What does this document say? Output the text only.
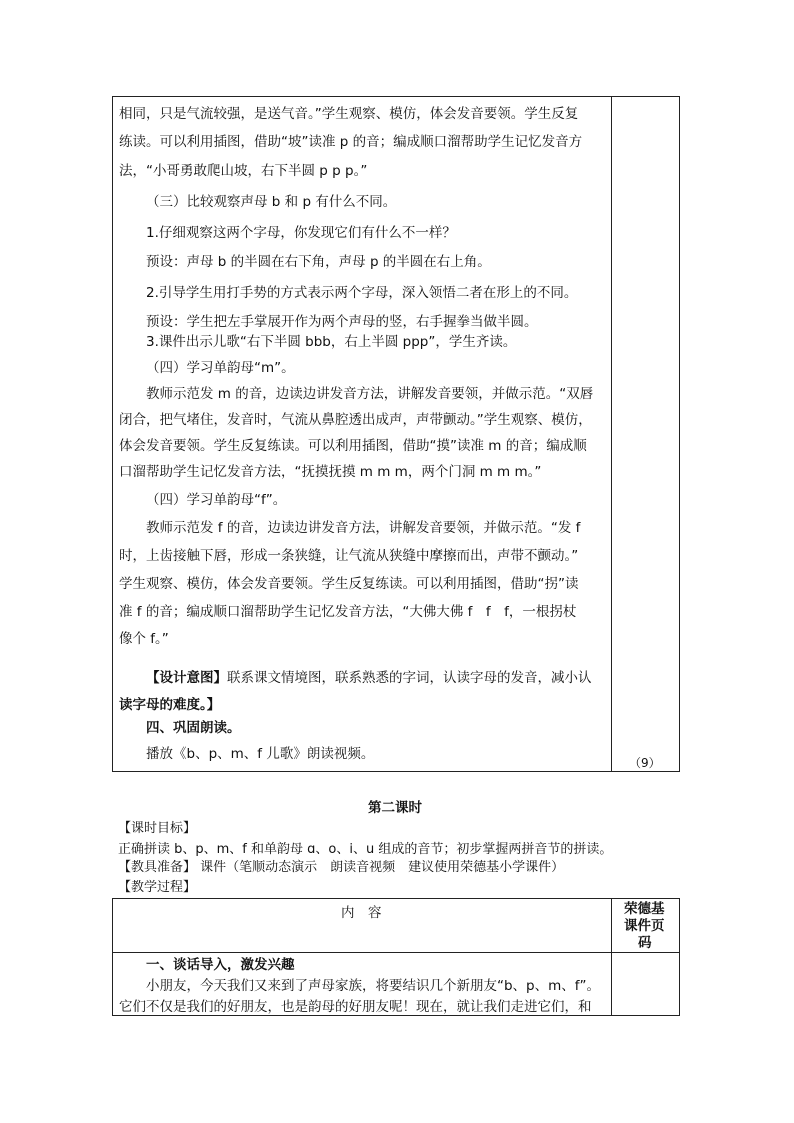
（9）
相同，只是气流较强，是送气音。”学生观察、模仿，体会发音要领。学生反复
练读。可以利用插图，借助“坡”读准 p 的音；编成顺口溜帮助学生记忆发音方
法，“小哥勇敢爬山坡，右下半圆 p p p。”
（三）比较观察声母 b 和 p 有什么不同。
1.仔细观察这两个字母，你发现它们有什么不一样？
预设：声母 b 的半圆在右下角，声母 p 的半圆在右上角。
2.引导学生用打手势的方式表示两个字母，深入领悟二者在形上的不同。
预设：学生把左手掌展开作为两个声母的竖，右手握拳当做半圆。
3.课件出示儿歌“右下半圆 bbb，右上半圆 ppp”，学生齐读。
（四）学习单韵母“m”。
教师示范发 m 的音，边读边讲发音方法，讲解发音要领，并做示范。“双唇
闭合，把气堵住，发音时，气流从鼻腔透出成声，声带颤动。”学生观察、模仿，
体会发音要领。学生反复练读。可以利用插图，借助“摸”读准 m 的音；编成顺
口溜帮助学生记忆发音方法，“抚摸抚摸 m m m，两个门洞 m m m。”
（四）学习单韵母“f”。
教师示范发 f 的音，边读边讲发音方法，讲解发音要领，并做示范。“发 f
时，上齿接触下唇，形成一条狭缝，让气流从狭缝中摩擦而出，声带不颤动。”
学生观察、模仿，体会发音要领。学生反复练读。可以利用插图，借助“拐”读
准 f 的音；编成顺口溜帮助学生记忆发音方法，“大佛大佛 f　f　f，一根拐杖
像个 f。”
【设计意图】联系课文情境图，联系熟悉的字词，认读字母的发音，减小认
读字母的难度。】
四、巩固朗读。
播放《b、p、m、f 儿歌》朗读视频。
第二课时
【课时目标】
正确拼读 b、p、m、f 和单韵母 ɑ、o、i、u 组成的音节；初步掌握两拼音节的拼读。
【教具准备】 课件（笔顺动态演示　朗读音视频　建议使用荣德基小学课件）
【教学过程】
内　容	荣德基
课件页
码
一、谈话导入，激发兴趣
小朋友，今天我们又来到了声母家族，将要结识几个新朋友“b、p、m、f”。
它们不仅是我们的好朋友，也是韵母的好朋友呢！现在，就让我们走进它们，和
